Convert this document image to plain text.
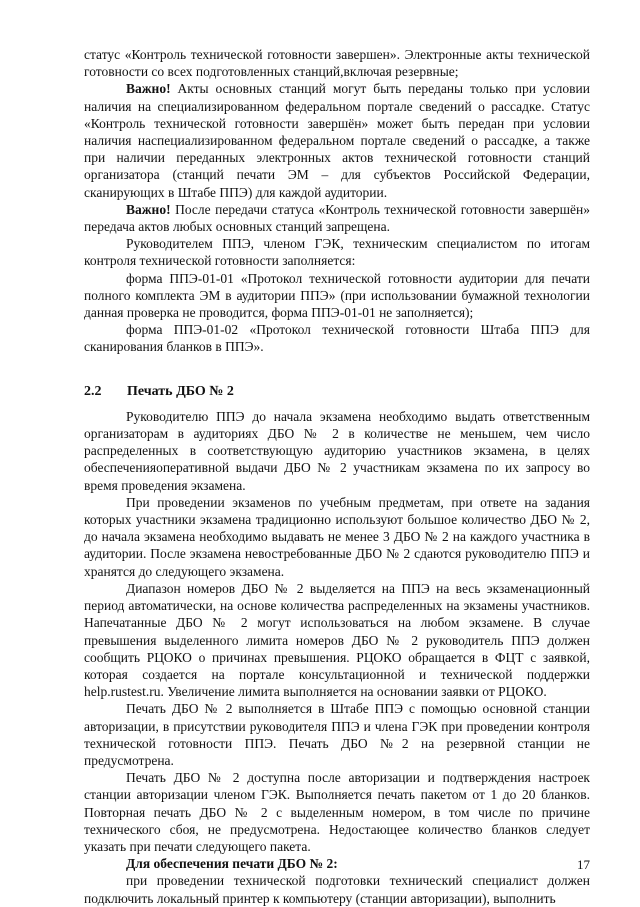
статус «Контроль технической готовности завершен». Электронные акты технической готовности со всех подготовленных станций,включая резервные;

Важно! Акты основных станций могут быть переданы только при условии наличия на специализированном федеральном портале сведений о рассадке. Статус «Контроль технической готовности завершён» может быть передан при условии наличия наспециализированном федеральном портале сведений о рассадке, а также при наличии переданных электронных актов технической готовности станций организатора (станций печати ЭМ – для субъектов Российской Федерации, сканирующих в Штабе ППЭ) для каждой аудитории.

Важно! После передачи статуса «Контроль технической готовности завершён» передача актов любых основных станций запрещена.

Руководителем ППЭ, членом ГЭК, техническим специалистом по итогам контроля технической готовности заполняется:

форма ППЭ-01-01 «Протокол технической готовности аудитории для печати полного комплекта ЭМ в аудитории ППЭ» (при использовании бумажной технологии данная проверка не проводится, форма ППЭ-01-01 не заполняется);

форма ППЭ-01-02 «Протокол технической готовности Штаба ППЭ для сканирования бланков в ППЭ».

2.2	Печать ДБО № 2

Руководителю ППЭ до начала экзамена необходимо выдать ответственным организаторам в аудиториях ДБО № 2 в количестве не меньшем, чем число распределенных в соответствующую аудиторию участников экзамена, в целях обеспеченияоперативной выдачи ДБО № 2 участникам экзамена по их запросу во время проведения экзамена.

При проведении экзаменов по учебным предметам, при ответе на задания которых участники экзамена традиционно используют большое количество ДБО № 2, до начала экзамена необходимо выдавать не менее 3 ДБО № 2 на каждого участника в аудитории. После экзамена невостребованные ДБО № 2 сдаются руководителю ППЭ и хранятся до следующего экзамена.

Диапазон номеров ДБО № 2 выделяется на ППЭ на весь экзаменационный период автоматически, на основе количества распределенных на экзамены участников. Напечатанные ДБО № 2 могут использоваться на любом экзамене. В случае превышения выделенного лимита номеров ДБО № 2 руководитель ППЭ должен сообщить РЦОКО о причинах превышения. РЦОКО обращается в ФЦТ с заявкой, которая создается на портале консультационной и технической поддержки help.rustest.ru. Увеличение лимита выполняется на основании заявки от РЦОКО.

Печать ДБО № 2 выполняется в Штабе ППЭ с помощью основной станции авторизации, в присутствии руководителя ППЭ и члена ГЭК при проведении контроля технической готовности ППЭ. Печать ДБО №2 на резервной станции не предусмотрена.

Печать ДБО № 2 доступна после авторизации и подтверждения настроек станции авторизации членом ГЭК. Выполняется печать пакетом от 1 до 20 бланков. Повторная печать ДБО № 2 с выделенным номером, в том числе по причине технического сбоя, не предусмотрена. Недостающее количество бланков следует указать при печати следующего пакета.

Для обеспечения печати ДБО № 2:

при проведении технической подготовки технический специалист должен подключить локальный принтер к компьютеру (станции авторизации), выполнить

17
